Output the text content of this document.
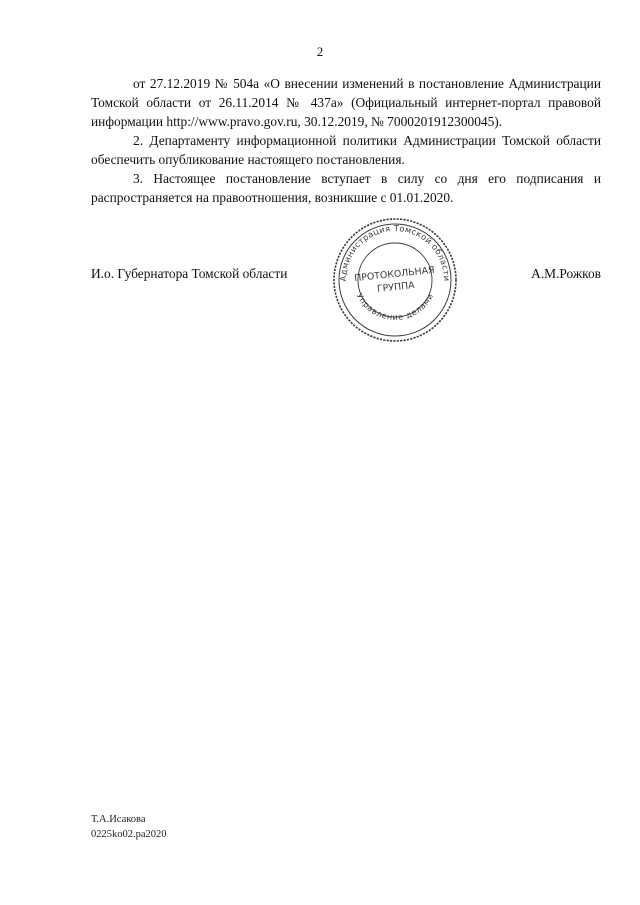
2

от 27.12.2019 № 504а «О внесении изменений в постановление Администрации Томской области от 26.11.2014 № 437а» (Официальный интернет-портал правовой информации http://www.pravo.gov.ru, 30.12.2019, № 7000201912300045).

2. Департаменту информационной политики Администрации Томской области обеспечить опубликование настоящего постановления.

3. Настоящее постановление вступает в силу со дня его подписания и распространяется на правоотношения, возникшие с 01.01.2020.

И.о. Губернатора Томской области	А.М.Рожков
Администрация Томской области
Управление делами
ПРОТОКОЛЬНАЯ
ГРУППА
Т.А.Исакова
0225ko02.pa2020
